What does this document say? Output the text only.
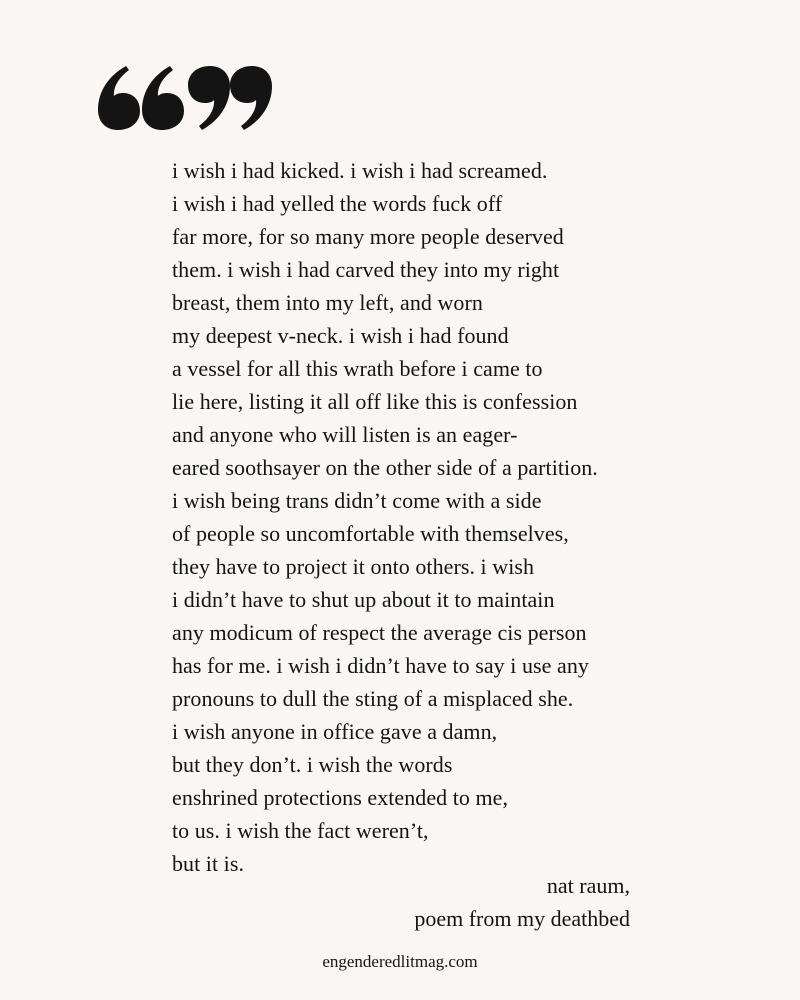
i wish i had kicked. i wish i had screamed.
i wish i had yelled the words fuck off
far more, for so many more people deserved
them. i wish i had carved they into my right
breast, them into my left, and worn
my deepest v-neck. i wish i had found
a vessel for all this wrath before i came to
lie here, listing it all off like this is confession
and anyone who will listen is an eager-
eared soothsayer on the other side of a partition.
i wish being trans didn’t come with a side
of people so uncomfortable with themselves,
they have to project it onto others. i wish
i didn’t have to shut up about it to maintain
any modicum of respect the average cis person
has for me. i wish i didn’t have to say i use any
pronouns to dull the sting of a misplaced she.
i wish anyone in office gave a damn,
but they don’t. i wish the words
enshrined protections extended to me,
to us. i wish the fact weren’t,
but it is.
nat raum,
poem from my deathbed
engenderedlitmag.com
